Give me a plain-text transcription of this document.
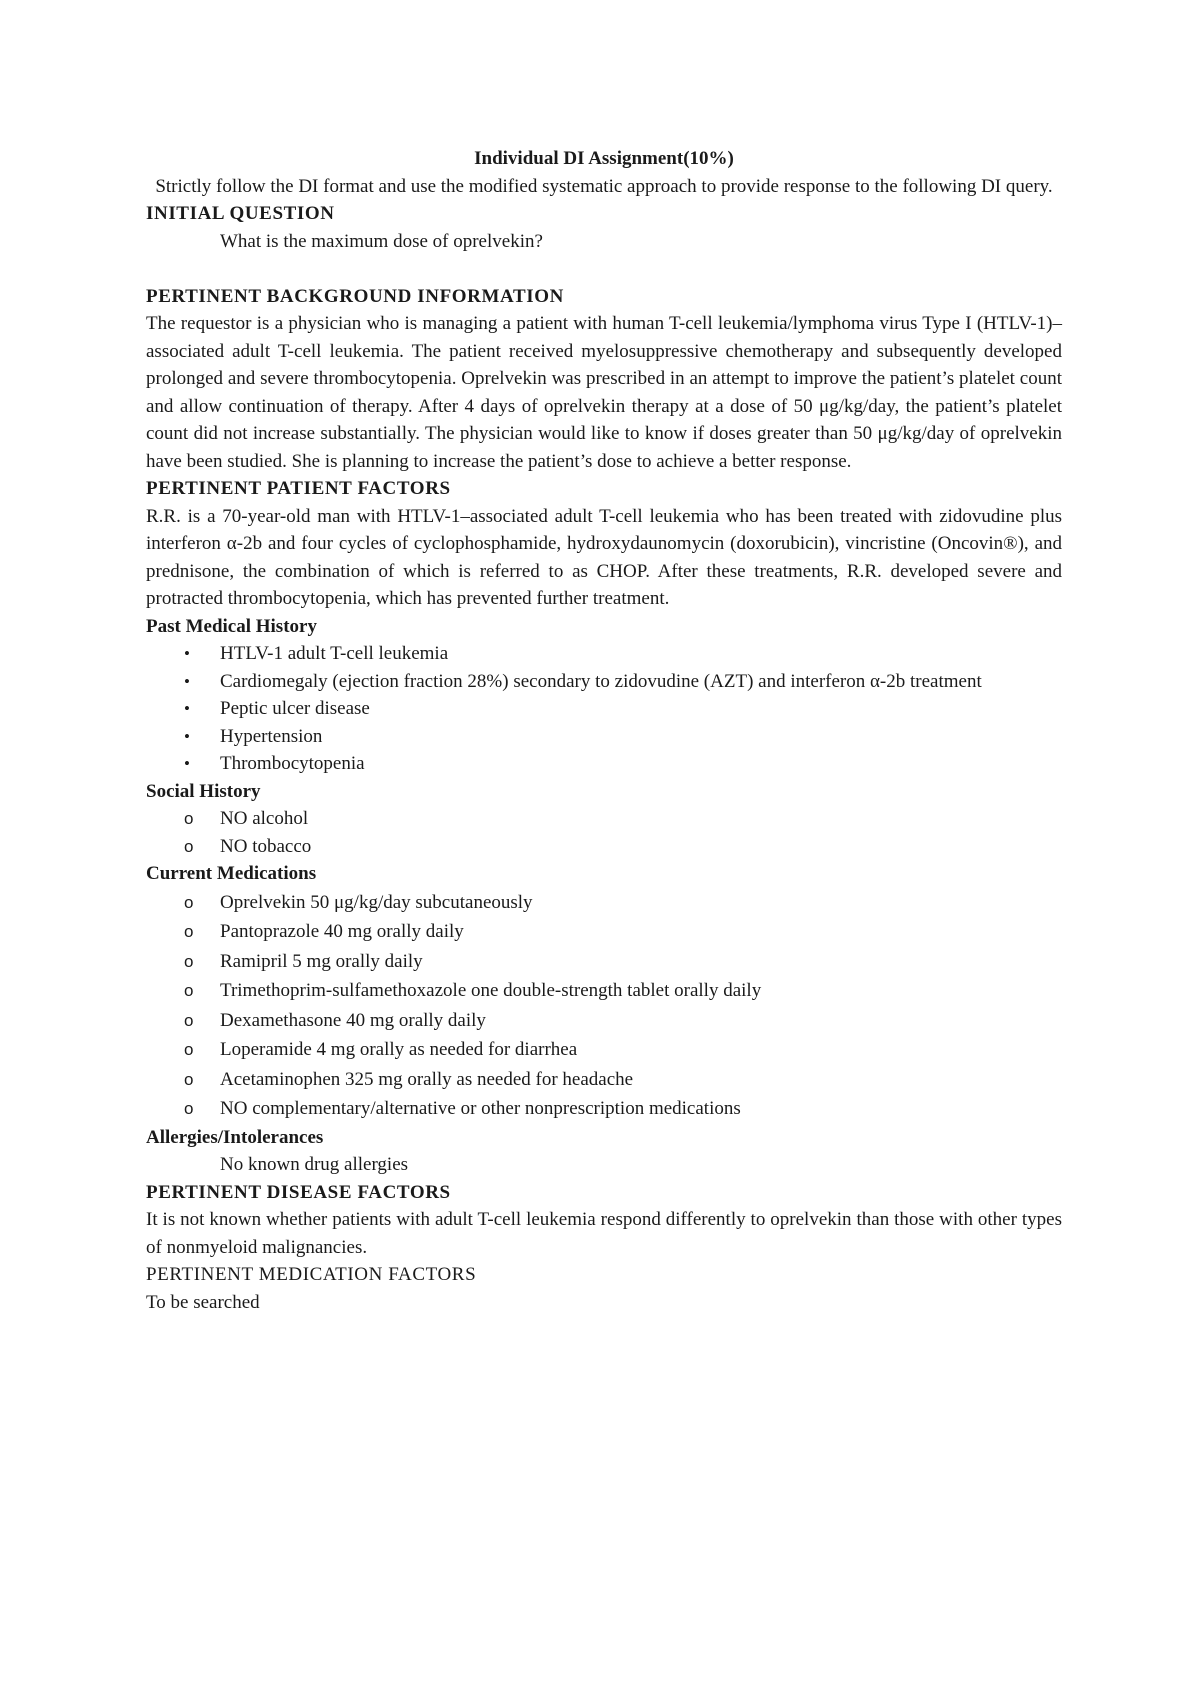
Individual DI Assignment(10%)

Strictly follow the DI format and use the modified systematic approach to provide response to the following DI query.

INITIAL QUESTION

What is the maximum dose of oprelvekin?

PERTINENT BACKGROUND INFORMATION

The requestor is a physician who is managing a patient with human T-cell leukemia/lymphoma virus Type I (HTLV-1)–associated adult T-cell leukemia. The patient received myelosuppressive chemotherapy and subsequently developed prolonged and severe thrombocytopenia. Oprelvekin was prescribed in an attempt to improve the patient’s platelet count and allow continuation of therapy. After 4 days of oprelvekin therapy at a dose of 50 μg/kg/day, the patient’s platelet count did not increase substantially. The physician would like to know if doses greater than 50 μg/kg/day of oprelvekin have been studied. She is planning to increase the patient’s dose to achieve a better response.

PERTINENT PATIENT FACTORS

R.R. is a 70-year-old man with HTLV-1–associated adult T-cell leukemia who has been treated with zidovudine plus interferon α-2b and four cycles of cyclophosphamide, hydroxydaunomycin (doxorubicin), vincristine (Oncovin®), and prednisone, the combination of which is referred to as CHOP. After these treatments, R.R. developed severe and protracted thrombocytopenia, which has prevented further treatment.

Past Medical History

• HTLV-1 adult T-cell leukemia
• Cardiomegaly (ejection fraction 28%) secondary to zidovudine (AZT) and interferon α-2b treatment
• Peptic ulcer disease
• Hypertension
• Thrombocytopenia

Social History

o NO alcohol
o NO tobacco

Current Medications

o Oprelvekin 50 μg/kg/day subcutaneously
o Pantoprazole 40 mg orally daily
o Ramipril 5 mg orally daily
o Trimethoprim-sulfamethoxazole one double-strength tablet orally daily
o Dexamethasone 40 mg orally daily
o Loperamide 4 mg orally as needed for diarrhea
o Acetaminophen 325 mg orally as needed for headache
o NO complementary/alternative or other nonprescription medications

Allergies/Intolerances

No known drug allergies

PERTINENT DISEASE FACTORS

It is not known whether patients with adult T-cell leukemia respond differently to oprelvekin than those with other types of nonmyeloid malignancies.

PERTINENT MEDICATION FACTORS

To be searched
